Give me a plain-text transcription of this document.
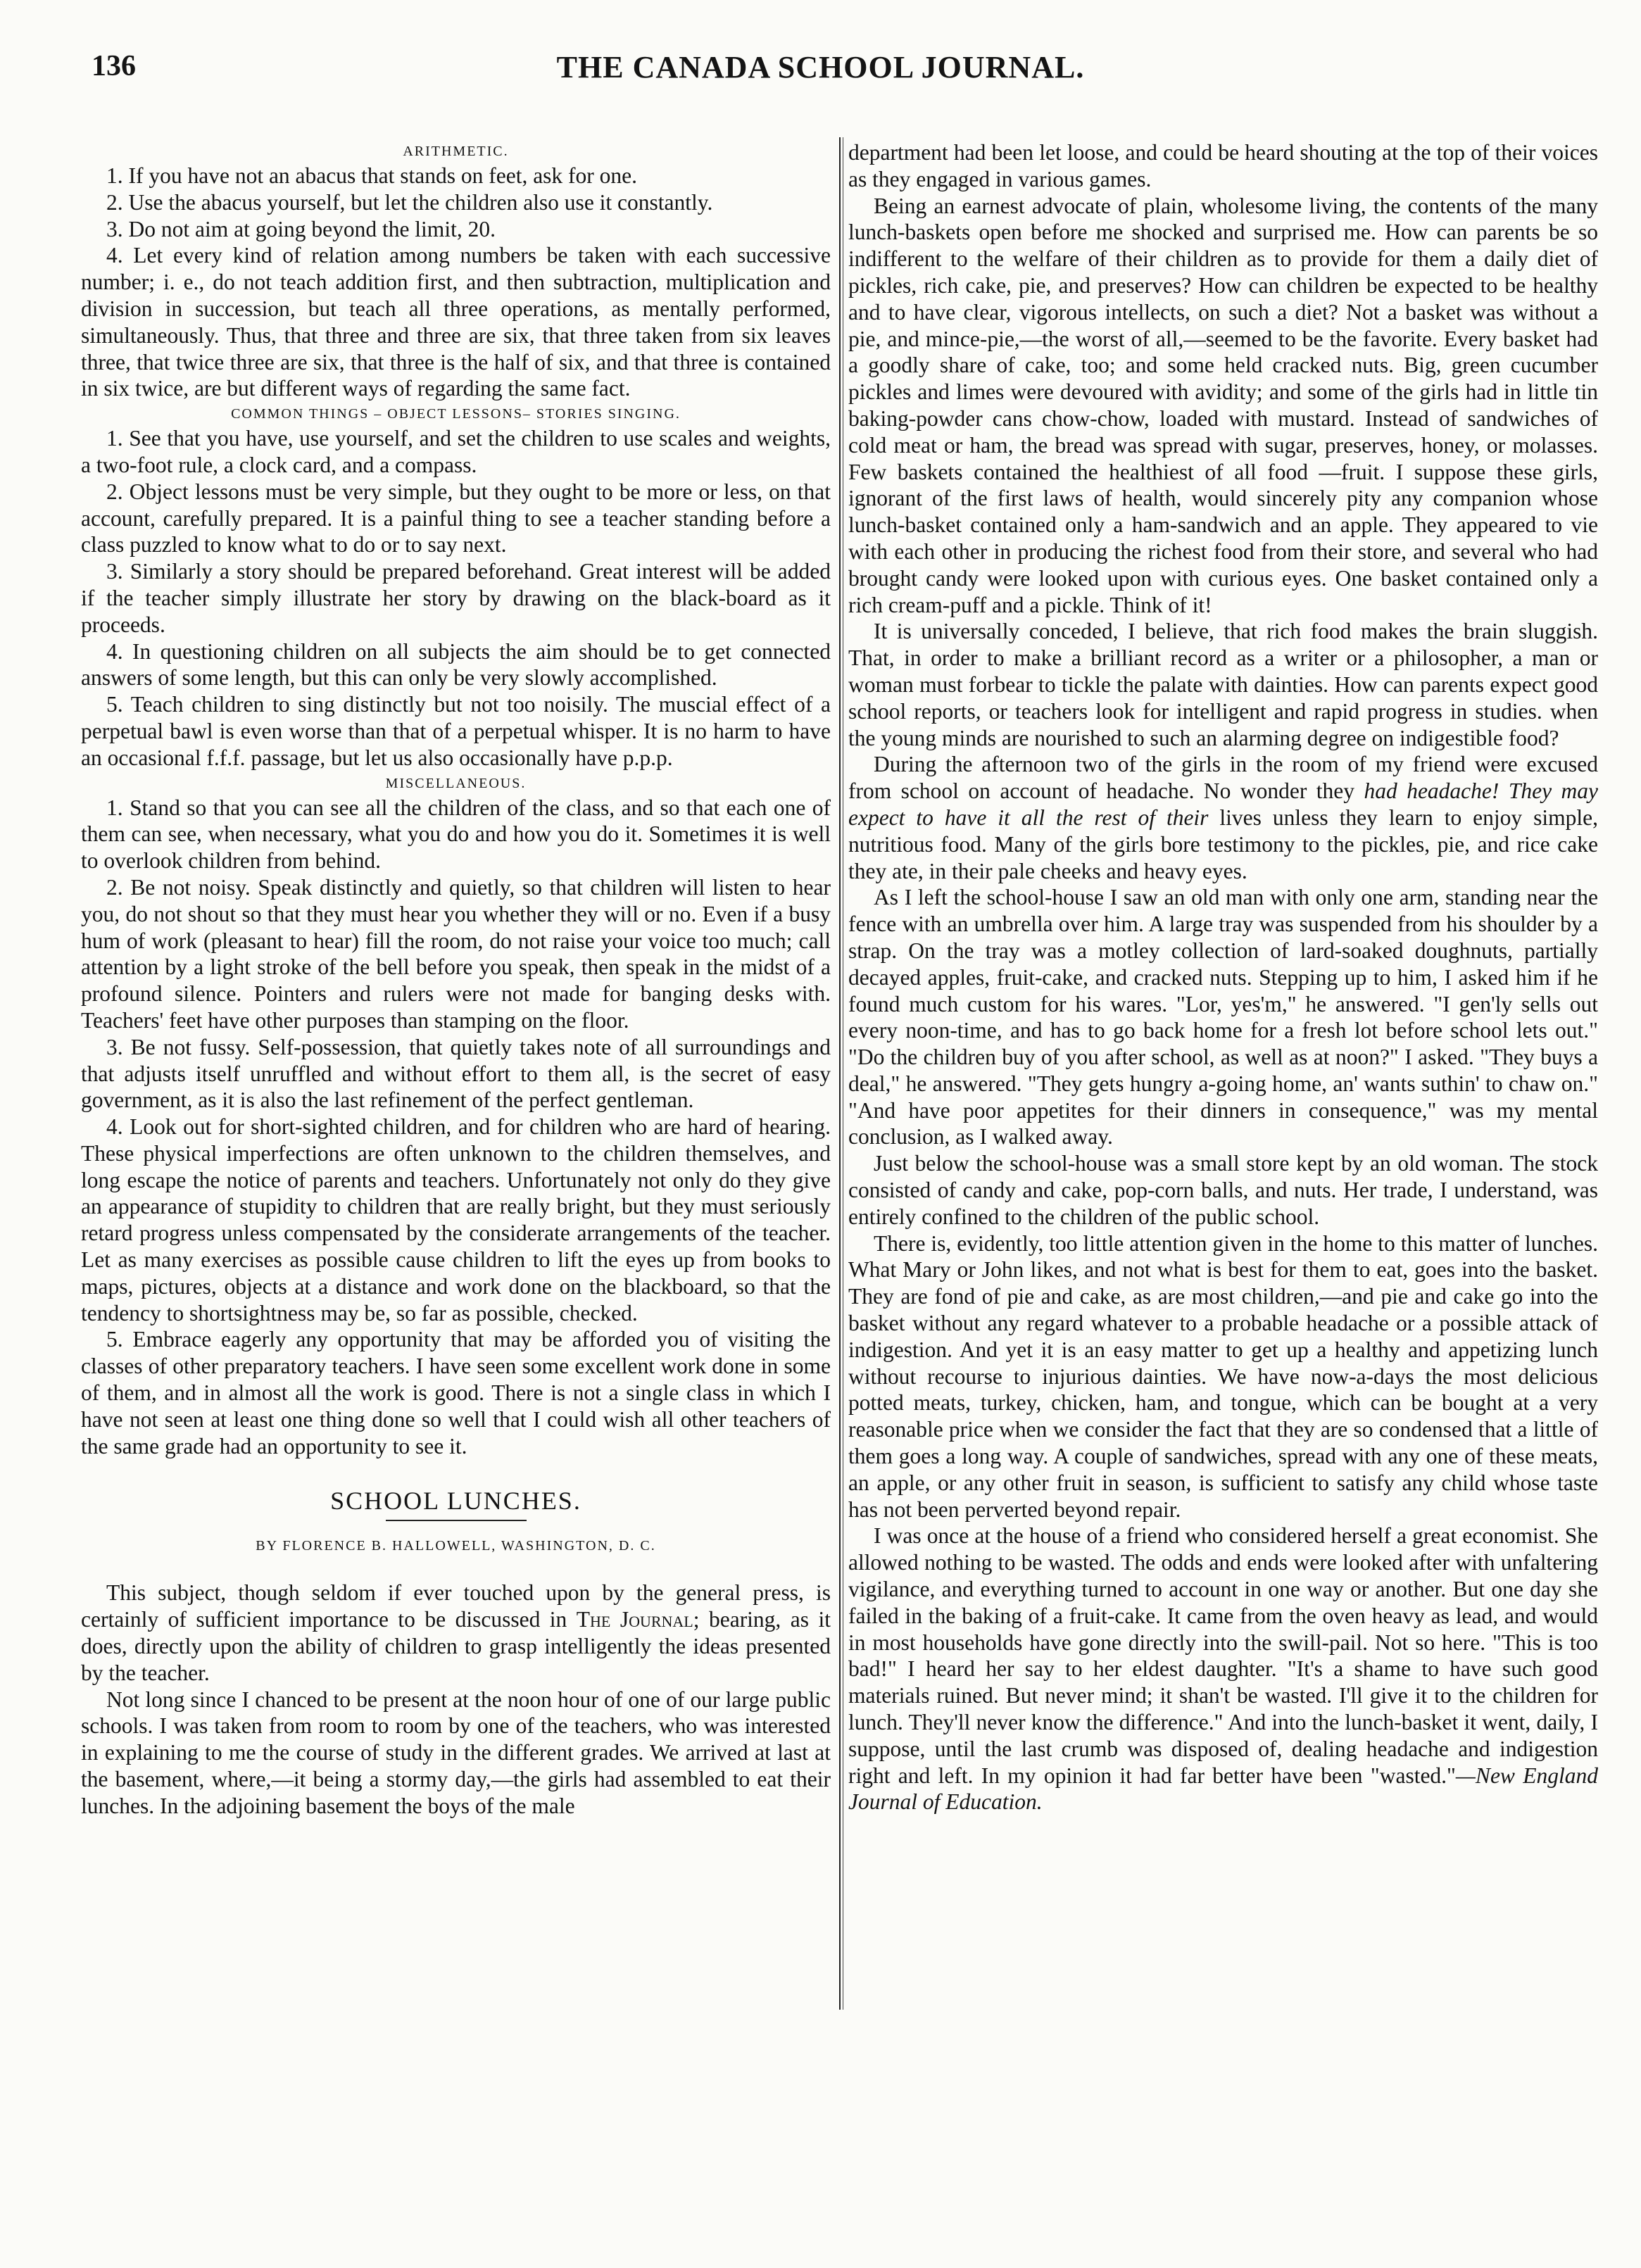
136	THE CANADA SCHOOL JOURNAL.
ARITHMETIC.

1. If you have not an abacus that stands on feet, ask for one.

2. Use the abacus yourself, but let the children also use it constantly.

3. Do not aim at going beyond the limit, 20.

4. Let every kind of relation among numbers be taken with each successive number; i. e., do not teach addition first, and then subtraction, multiplication and division in succession, but teach all three operations, as mentally performed, simultaneously. Thus, that three and three are six, that three taken from six leaves three, that twice three are six, that three is the half of six, and that three is contained in six twice, are but different ways of regarding the same fact.

COMMON THINGS – OBJECT LESSONS– STORIES SINGING.

1. See that you have, use yourself, and set the children to use scales and weights, a two-foot rule, a clock card, and a compass.

2. Object lessons must be very simple, but they ought to be more or less, on that account, carefully prepared. It is a painful thing to see a teacher standing before a class puzzled to know what to do or to say next.

3. Similarly a story should be prepared beforehand. Great interest will be added if the teacher simply illustrate her story by drawing on the black-board as it proceeds.

4. In questioning children on all subjects the aim should be to get connected answers of some length, but this can only be very slowly accomplished.

5. Teach children to sing distinctly but not too noisily. The muscial effect of a perpetual bawl is even worse than that of a perpetual whisper. It is no harm to have an occasional f.f.f. passage, but let us also occasionally have p.p.p.

MISCELLANEOUS.

1. Stand so that you can see all the children of the class, and so that each one of them can see, when necessary, what you do and how you do it. Sometimes it is well to overlook children from behind.

2. Be not noisy. Speak distinctly and quietly, so that children will listen to hear you, do not shout so that they must hear you whether they will or no. Even if a busy hum of work (pleasant to hear) fill the room, do not raise your voice too much; call attention by a light stroke of the bell before you speak, then speak in the midst of a profound silence. Pointers and rulers were not made for banging desks with. Teachers' feet have other purposes than stamping on the floor.

3. Be not fussy. Self-possession, that quietly takes note of all surroundings and that adjusts itself unruffled and without effort to them all, is the secret of easy government, as it is also the last refinement of the perfect gentleman.

4. Look out for short-sighted children, and for children who are hard of hearing. These physical imperfections are often unknown to the children themselves, and long escape the notice of parents and teachers. Unfortunately not only do they give an appearance of stupidity to children that are really bright, but they must seriously retard progress unless compensated by the considerate arrangements of the teacher. Let as many exercises as possible cause children to lift the eyes up from books to maps, pictures, objects at a distance and work done on the blackboard, so that the tendency to shortsightness may be, so far as possible, checked.

5. Embrace eagerly any opportunity that may be afforded you of visiting the classes of other preparatory teachers. I have seen some excellent work done in some of them, and in almost all the work is good. There is not a single class in which I have not seen at least one thing done so well that I could wish all other teachers of the same grade had an opportunity to see it.

SCHOOL LUNCHES.
BY FLORENCE B. HALLOWELL, WASHINGTON, D. C.

This subject, though seldom if ever touched upon by the general press, is certainly of sufficient importance to be discussed in The Journal; bearing, as it does, directly upon the ability of children to grasp intelligently the ideas presented by the teacher.

Not long since I chanced to be present at the noon hour of one of our large public schools. I was taken from room to room by one of the teachers, who was interested in explaining to me the course of study in the different grades. We arrived at last at the basement, where,—it being a stormy day,—the girls had assembled to eat their lunches. In the adjoining basement the boys of the male

department had been let loose, and could be heard shouting at the top of their voices as they engaged in various games.

Being an earnest advocate of plain, wholesome living, the contents of the many lunch-baskets open before me shocked and surprised me. How can parents be so indifferent to the welfare of their children as to provide for them a daily diet of pickles, rich cake, pie, and preserves? How can children be expected to be healthy and to have clear, vigorous intellects, on such a diet? Not a basket was without a pie, and mince-pie,—the worst of all,—seemed to be the favorite. Every basket had a goodly share of cake, too; and some held cracked nuts. Big, green cucumber pickles and limes were devoured with avidity; and some of the girls had in little tin baking-powder cans chow-chow, loaded with mustard. Instead of sandwiches of cold meat or ham, the bread was spread with sugar, preserves, honey, or molasses. Few baskets contained the healthiest of all food —fruit. I suppose these girls, ignorant of the first laws of health, would sincerely pity any companion whose lunch-basket contained only a ham-sandwich and an apple. They appeared to vie with each other in producing the richest food from their store, and several who had brought candy were looked upon with curious eyes. One basket contained only a rich cream-puff and a pickle. Think of it!

It is universally conceded, I believe, that rich food makes the brain sluggish. That, in order to make a brilliant record as a writer or a philosopher, a man or woman must forbear to tickle the palate with dainties. How can parents expect good school reports, or teachers look for intelligent and rapid progress in studies. when the young minds are nourished to such an alarming degree on indigestible food?

During the afternoon two of the girls in the room of my friend were excused from school on account of headache. No wonder they had headache! They may expect to have it all the rest of their lives unless they learn to enjoy simple, nutritious food. Many of the girls bore testimony to the pickles, pie, and rice cake they ate, in their pale cheeks and heavy eyes.

As I left the school-house I saw an old man with only one arm, standing near the fence with an umbrella over him. A large tray was suspended from his shoulder by a strap. On the tray was a motley collection of lard-soaked doughnuts, partially decayed apples, fruit-cake, and cracked nuts. Stepping up to him, I asked him if he found much custom for his wares. "Lor, yes'm," he answered. "I gen'ly sells out every noon-time, and has to go back home for a fresh lot before school lets out." "Do the children buy of you after school, as well as at noon?" I asked. "They buys a deal," he answered. "They gets hungry a-going home, an' wants suthin' to chaw on." "And have poor appetites for their dinners in consequence," was my mental conclusion, as I walked away.

Just below the school-house was a small store kept by an old woman. The stock consisted of candy and cake, pop-corn balls, and nuts. Her trade, I understand, was entirely confined to the children of the public school.

There is, evidently, too little attention given in the home to this matter of lunches. What Mary or John likes, and not what is best for them to eat, goes into the basket. They are fond of pie and cake, as are most children,—and pie and cake go into the basket without any regard whatever to a probable headache or a possible attack of indigestion. And yet it is an easy matter to get up a healthy and appetizing lunch without recourse to injurious dainties. We have now-a-days the most delicious potted meats, turkey, chicken, ham, and tongue, which can be bought at a very reasonable price when we consider the fact that they are so condensed that a little of them goes a long way. A couple of sandwiches, spread with any one of these meats, an apple, or any other fruit in season, is sufficient to satisfy any child whose taste has not been perverted beyond repair.

I was once at the house of a friend who considered herself a great economist. She allowed nothing to be wasted. The odds and ends were looked after with unfaltering vigilance, and everything turned to account in one way or another. But one day she failed in the baking of a fruit-cake. It came from the oven heavy as lead, and would in most households have gone directly into the swill-pail. Not so here. "This is too bad!" I heard her say to her eldest daughter. "It's a shame to have such good materials ruined. But never mind; it shan't be wasted. I'll give it to the children for lunch. They'll never know the difference." And into the lunch-basket it went, daily, I suppose, until the last crumb was disposed of, dealing headache and indigestion right and left. In my opinion it had far better have been "wasted."—New England Journal of Education.
